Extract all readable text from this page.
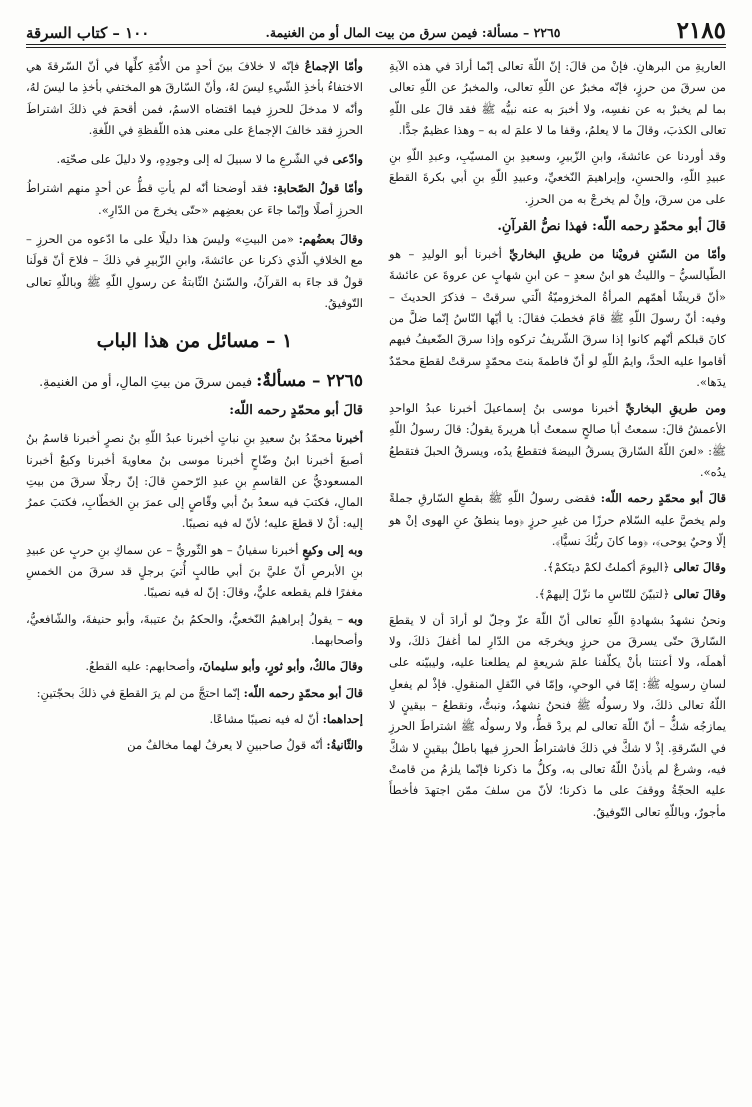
٢١٨٥
٢٢٦٥ – مسألة: فيمن سرق من بيت المال أو من الغنيمة.
١٠٠ – كتاب السرقة

العاريةِ من البرهانِ. فإنْ من قالَ: إنّ اللّهَ تعالى إنّما أرادَ في هذه الآيةِ من سرقَ من حرزٍ، فإنّه مخبرٌ عن اللّهِ تعالى، والمخبرُ عن اللّهِ تعالى بما لم يخبرْ به عن نفسِه، ولا أخبرَ به عنه نبيُّه ﷺ فقد قالَ على اللّهِ تعالى الكذبَ، وقالَ ما لا يعلمُ، وقفا ما لا علمَ له به – وهذا عظيمٌ جدًّا.

وقد أوردنا عن عائشةَ، وابنِ الزّبيرِ، وسعيدِ بنِ المسيّبِ، وعبدِ اللّهِ بنِ عبيدِ اللّهِ، والحسنِ، وإبراهيمَ النّخعيِّ، وعبيدِ اللّهِ بنِ أبي بكرةَ القطعَ على من سرقَ، وإنْ لم يخرجْ به من الحرزِ.

قالَ أبو محمّدٍ رحمه اللّه: فهذا نصُّ القرآنِ.

وأمّا من السّننِ فرويْنا من طريقِ البخاريِّ أخبرنا أبو الوليدِ – هو الطّيالسيُّ – والليثُ هو ابنُ سعدٍ – عن ابنِ شهابٍ عن عروةَ عن عائشةَ «أنّ قريشًا أهمّهم المرأةُ المخزوميّةُ الّتي سرقتْ – فذكرَ الحديثَ – وفيه: أنّ رسولَ اللّهِ ﷺ قامَ فخطبَ فقالَ: يا أيّها النّاسُ إنّما ضلَّ من كانَ قبلكم أنّهم كانوا إذا سرقَ الشّريفُ تركوه وإذا سرقَ الضّعيفُ فيهم أقاموا عليه الحدَّ، وايمُ اللّهِ لو أنّ فاطمةَ بنتَ محمّدٍ سرقتْ لقطعَ محمّدٌ يدَها».

ومن طريقِ البخاريِّ أخبرنا موسى بنُ إسماعيلَ أخبرنا عبدُ الواحدِ الأعمشُ قالَ: سمعتُ أبا صالحٍ سمعتُ أبا هريرةَ يقولُ: قالَ رسولُ اللّهِ ﷺ: «لعنَ اللّهُ السّارقَ يسرقُ البيضةَ فتقطعُ يدُه، ويسرقُ الحبلَ فتقطعُ يدُه».

قالَ أبو محمّدٍ رحمه اللّه: فقضى رسولُ اللّهِ ﷺ بقطعِ السّارقِ جملةً ولم يخصَّ عليه السّلام حرزًا من غيرِ حرزٍ ﴿وما ينطقُ عنِ الهوى إنْ هو إلّا وحيٌ يوحى﴾، ﴿وما كانَ ربُّكَ نسيًّا﴾.

وقالَ تعالى ﴿اليومَ أكملتُ لكمْ دينَكمْ﴾.

وقالَ تعالى ﴿لتبيّنَ للنّاسِ ما نزّلَ إليهمْ﴾.

ونحنُ نشهدُ بشهادةِ اللّهِ تعالى أنّ اللّهَ عزّ وجلّ لو أرادَ أن لا يقطعَ السّارقَ حتّى يسرقَ من حرزٍ ويخرجَه من الدّارِ لما أغفلَ ذلكَ، ولا أهملَه، ولا أعنتنا بأنْ يكلّفنا علمَ شريعةٍ لم يطلعنا عليه، وليبيّنه على لسانِ رسولِه ﷺ: إمّا في الوحيِ، وإمّا في النّقلِ المنقولِ. فإذْ لم يفعلِ اللّهُ تعالى ذلكَ، ولا رسولُه ﷺ فنحنُ نشهدُ، ونبتُّ، ونقطعُ – بيقينٍ لا يمازجُه شكٌّ – أنّ اللّهَ تعالى لم يردْ قطُّ، ولا رسولُه ﷺ اشتراطَ الحرزِ في السّرقةِ. إذْ لا شكَّ في ذلكَ فاشتراطُ الحرزِ فيها باطلٌ بيقينٍ لا شكَّ فيه، وشرعٌ لم يأذنْ اللّهُ تعالى به، وكلُّ ما ذكرنا فإنّما يلزمُ من قامتْ عليه الحجّةُ ووقفَ على ما ذكرنا؛ لأنّ من سلفَ ممّن اجتهدَ فأخطأَ مأجورٌ، وباللّهِ تعالى التّوفيقُ.

وأمّا الإجماعُ فإنّه لا خلافَ بينَ أحدٍ من الأُمّةِ كلِّها في أنّ السّرقةَ هي الاختفاءُ بأخذِ الشّيءِ ليسَ لهُ، وأنّ السّارقَ هو المختفي بأخذِ ما ليسَ لهُ، وأنّه لا مدخلَ للحرزِ فيما اقتضاه الاسمُ، فمن أقحمَ في ذلكَ اشتراطَ الحرزِ فقد خالفَ الإجماعَ على معنى هذه اللّفظةِ في اللّغةِ.

وادّعى في الشّرعِ ما لا سبيلَ له إلى وجودِهِ، ولا دليلَ على صحّتِه.

وأمّا قولُ الصّحابةِ: فقد أوضحنا أنّه لم يأتِ قطُّ عن أحدٍ منهم اشتراطُ الحرزِ أصلًا وإنّما جاءَ عن بعضِهم «حتّى يخرجَ من الدّارِ».

وقالَ بعضُهم: «من البيتِ» وليسَ هذا دليلًا على ما ادّعوه من الحرزِ – مع الخلافِ الّذي ذكرنا عن عائشةَ، وابنِ الزّبيرِ في ذلكَ – فلاحَ أنّ قولَنا قولٌ قد جاءَ به القرآنُ، والسّننُ الثّابتةُ عن رسولِ اللّهِ ﷺ وباللّهِ تعالى التّوفيقُ.

١ – مسائل من هذا الباب

٢٢٦٥ – مسألةٌ: فيمن سرقَ من بيتِ المالِ، أو من الغنيمةِ.

قالَ أبو محمّدٍ رحمه اللّه:

أخبرنا محمّدُ بنُ سعيدِ بنِ نباتٍ أخبرنا عبدُ اللّهِ بنُ نصرٍ أخبرنا قاسمُ بنُ أصبغَ أخبرنا ابنُ وضّاحٍ أخبرنا موسى بنُ معاويةَ أخبرنا وكيعٌ أخبرنا المسعوديُّ عن القاسمِ بنِ عبدِ الرّحمنِ قالَ: إنّ رجلًا سرقَ من بيتِ المالِ، فكتبَ فيه سعدُ بنُ أبي وقّاصٍ إلى عمرَ بنِ الخطّابِ، فكتبَ عمرُ إليه: أنْ لا قطعَ عليه؛ لأنّ له فيه نصيبًا.

وبه إلى وكيعٍ أخبرنا سفيانُ – هو الثّوريُّ – عن سماكِ بنِ حربٍ عن عبيدِ بنِ الأبرصِ أنّ عليَّ بنَ أبي طالبٍ أُتيَ برجلٍ قد سرقَ من الخمسِ مغفرًا فلم يقطعه عليٌّ، وقالَ: إنّ له فيه نصيبًا.

وبه – يقولُ إبراهيمُ النّخعيُّ، والحكمُ بنُ عتيبةَ، وأبو حنيفةَ، والشّافعيُّ، وأصحابهما.

وقالَ مالكٌ، وأبو ثورٍ، وأبو سليمانَ، وأصحابهم: عليه القطعُ.

قالَ أبو محمّدٍ رحمه اللّه: إنّما احتجَّ من لم يرَ القطعَ في ذلكَ بحجّتينِ:

إحداهما: أنّ له فيه نصيبًا مشاعًا.

والثّانيةُ: أنّه قولُ صاحبينِ لا يعرفُ لهما مخالفٌ من
